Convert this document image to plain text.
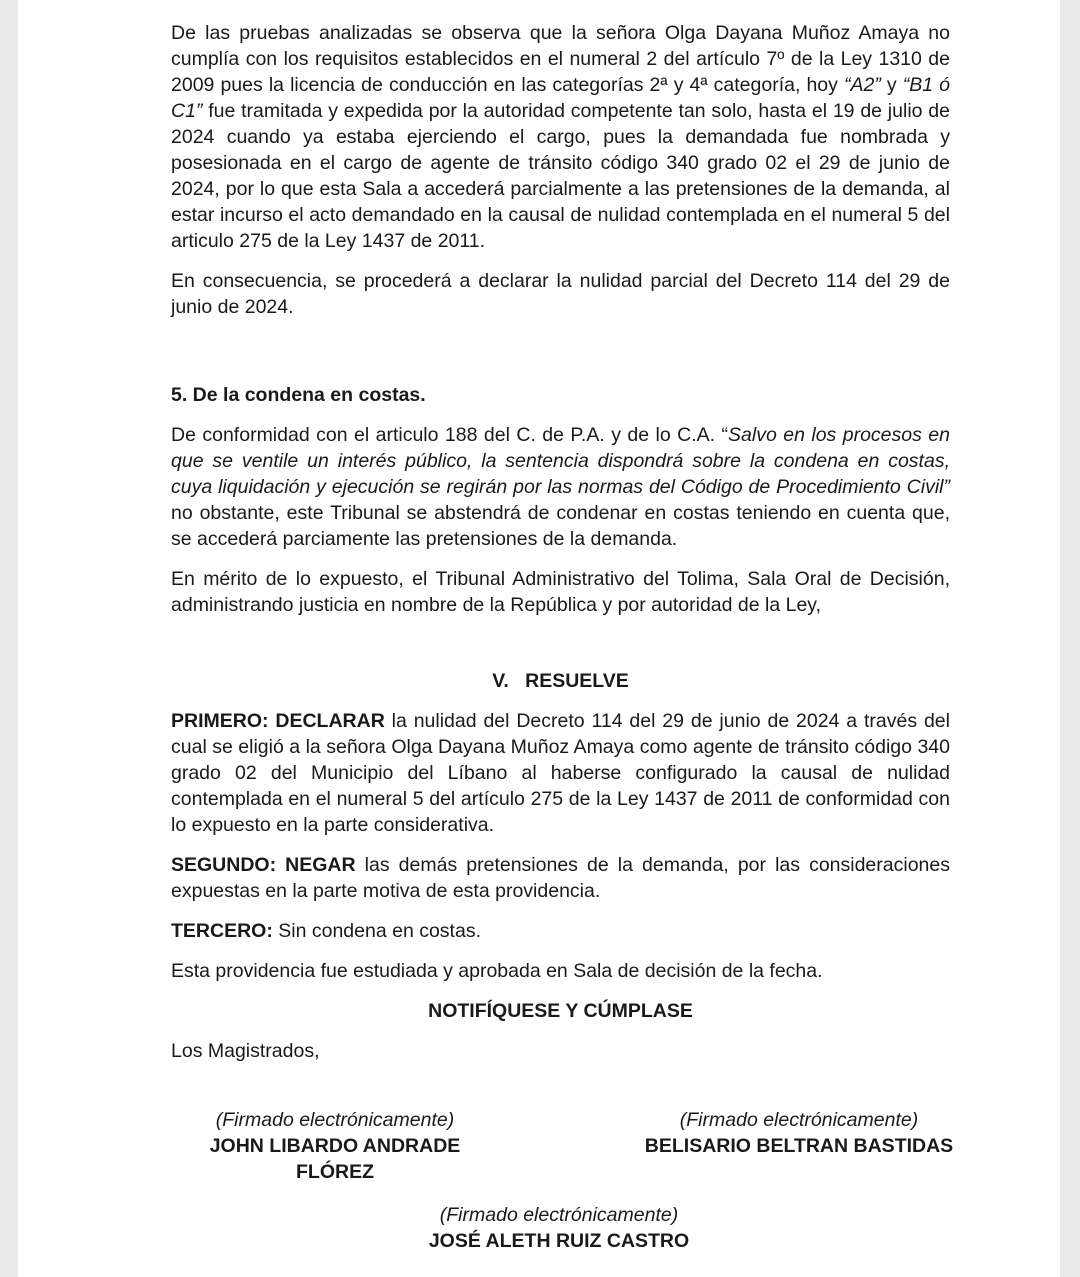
De las pruebas analizadas se observa que la señora Olga Dayana Muñoz Amaya no cumplía con los requisitos establecidos en el numeral 2 del artículo 7º de la Ley 1310 de 2009 pues la licencia de conducción en las categorías 2ª y 4ª categoría, hoy “A2” y “B1 ó C1” fue tramitada y expedida por la autoridad competente tan solo, hasta el 19 de julio de 2024 cuando ya estaba ejerciendo el cargo, pues la demandada fue nombrada y posesionada en el cargo de agente de tránsito código 340 grado 02 el 29 de junio de 2024, por lo que esta Sala a accederá parcialmente a las pretensiones de la demanda, al estar incurso el acto demandado en la causal de nulidad contemplada en el numeral 5 del articulo 275 de la Ley 1437 de 2011.

En consecuencia, se procederá a declarar la nulidad parcial del Decreto 114 del 29 de junio de 2024.

5. De la condena en costas.

De conformidad con el articulo 188 del C. de P.A. y de lo C.A. “Salvo en los procesos en que se ventile un interés público, la sentencia dispondrá sobre la condena en costas, cuya liquidación y ejecución se regirán por las normas del Código de Procedimiento Civil” no obstante, este Tribunal se abstendrá de condenar en costas teniendo en cuenta que, se accederá parciamente las pretensiones de la demanda.

En mérito de lo expuesto, el Tribunal Administrativo del Tolima, Sala Oral de Decisión, administrando justicia en nombre de la República y por autoridad de la Ley,

V.   RESUELVE

PRIMERO: DECLARAR la nulidad del Decreto 114 del 29 de junio de 2024 a través del cual se eligió a la señora Olga Dayana Muñoz Amaya como agente de tránsito código 340 grado 02 del Municipio del Líbano al haberse configurado la causal de nulidad contemplada en el numeral 5 del artículo 275 de la Ley 1437 de 2011 de conformidad con lo expuesto en la parte considerativa.

SEGUNDO: NEGAR las demás pretensiones de la demanda, por las consideraciones expuestas en la parte motiva de esta providencia.

TERCERO: Sin condena en costas.

Esta providencia fue estudiada y aprobada en Sala de decisión de la fecha.

NOTIFÍQUESE Y CÚMPLASE

Los Magistrados,

(Firmado electrónicamente)
JOHN LIBARDO ANDRADE FLÓREZ
(Firmado electrónicamente)
BELISARIO BELTRAN BASTIDAS
(Firmado electrónicamente)
JOSÉ ALETH RUIZ CASTRO
